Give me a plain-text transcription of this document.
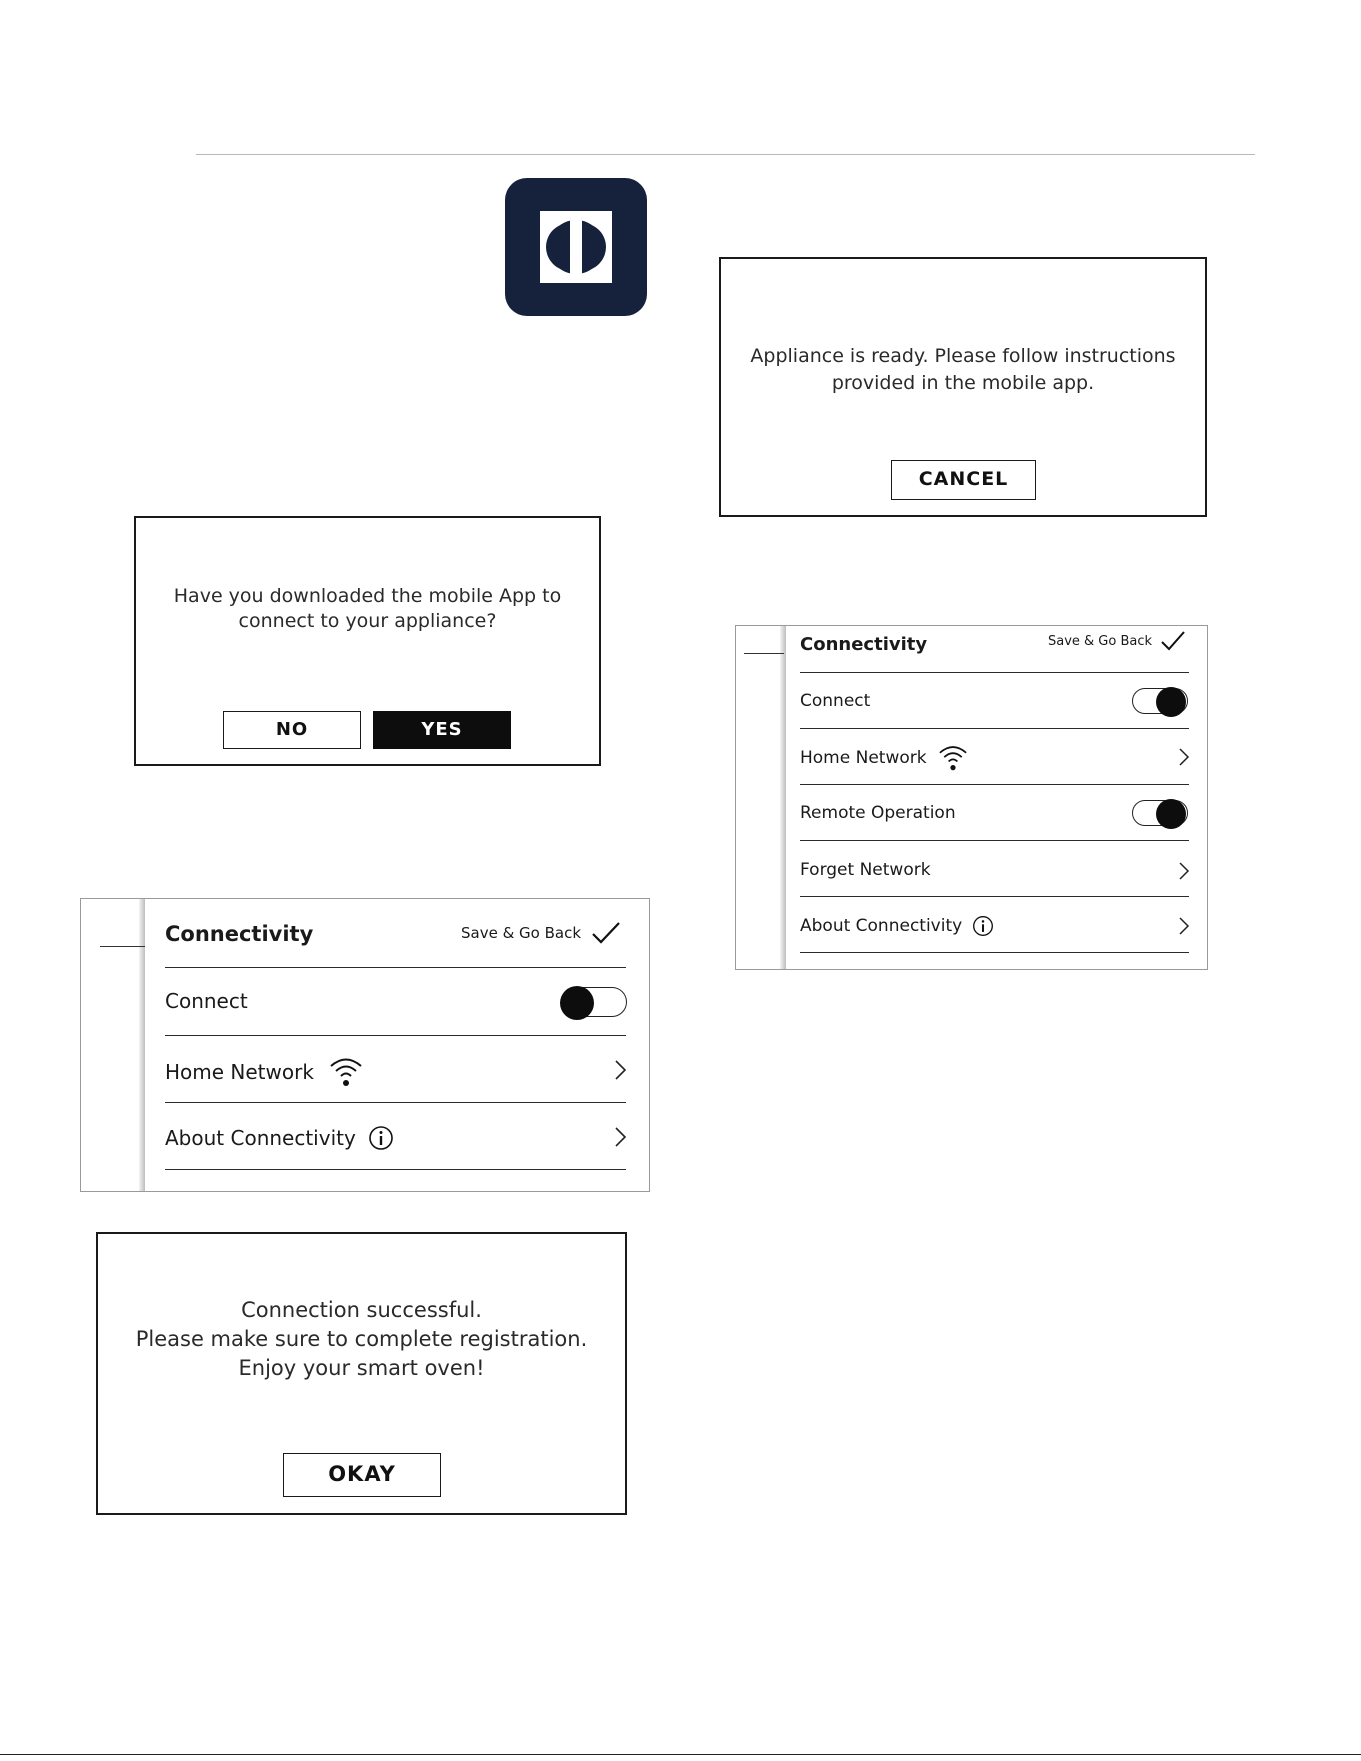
Have you downloaded the mobile App to
connect to your appliance?
NO	YES
Appliance is ready. Please follow instructions
provided in the mobile app.
CANCEL
Connectivity	Save & Go Back
Connect
Home Network
About Connectivity
Connectivity	Save & Go Back
Connect
Home Network
Remote Operation
Forget Network
About Connectivity
Connection successful.
Please make sure to complete registration.
Enjoy your smart oven!
OKAY
